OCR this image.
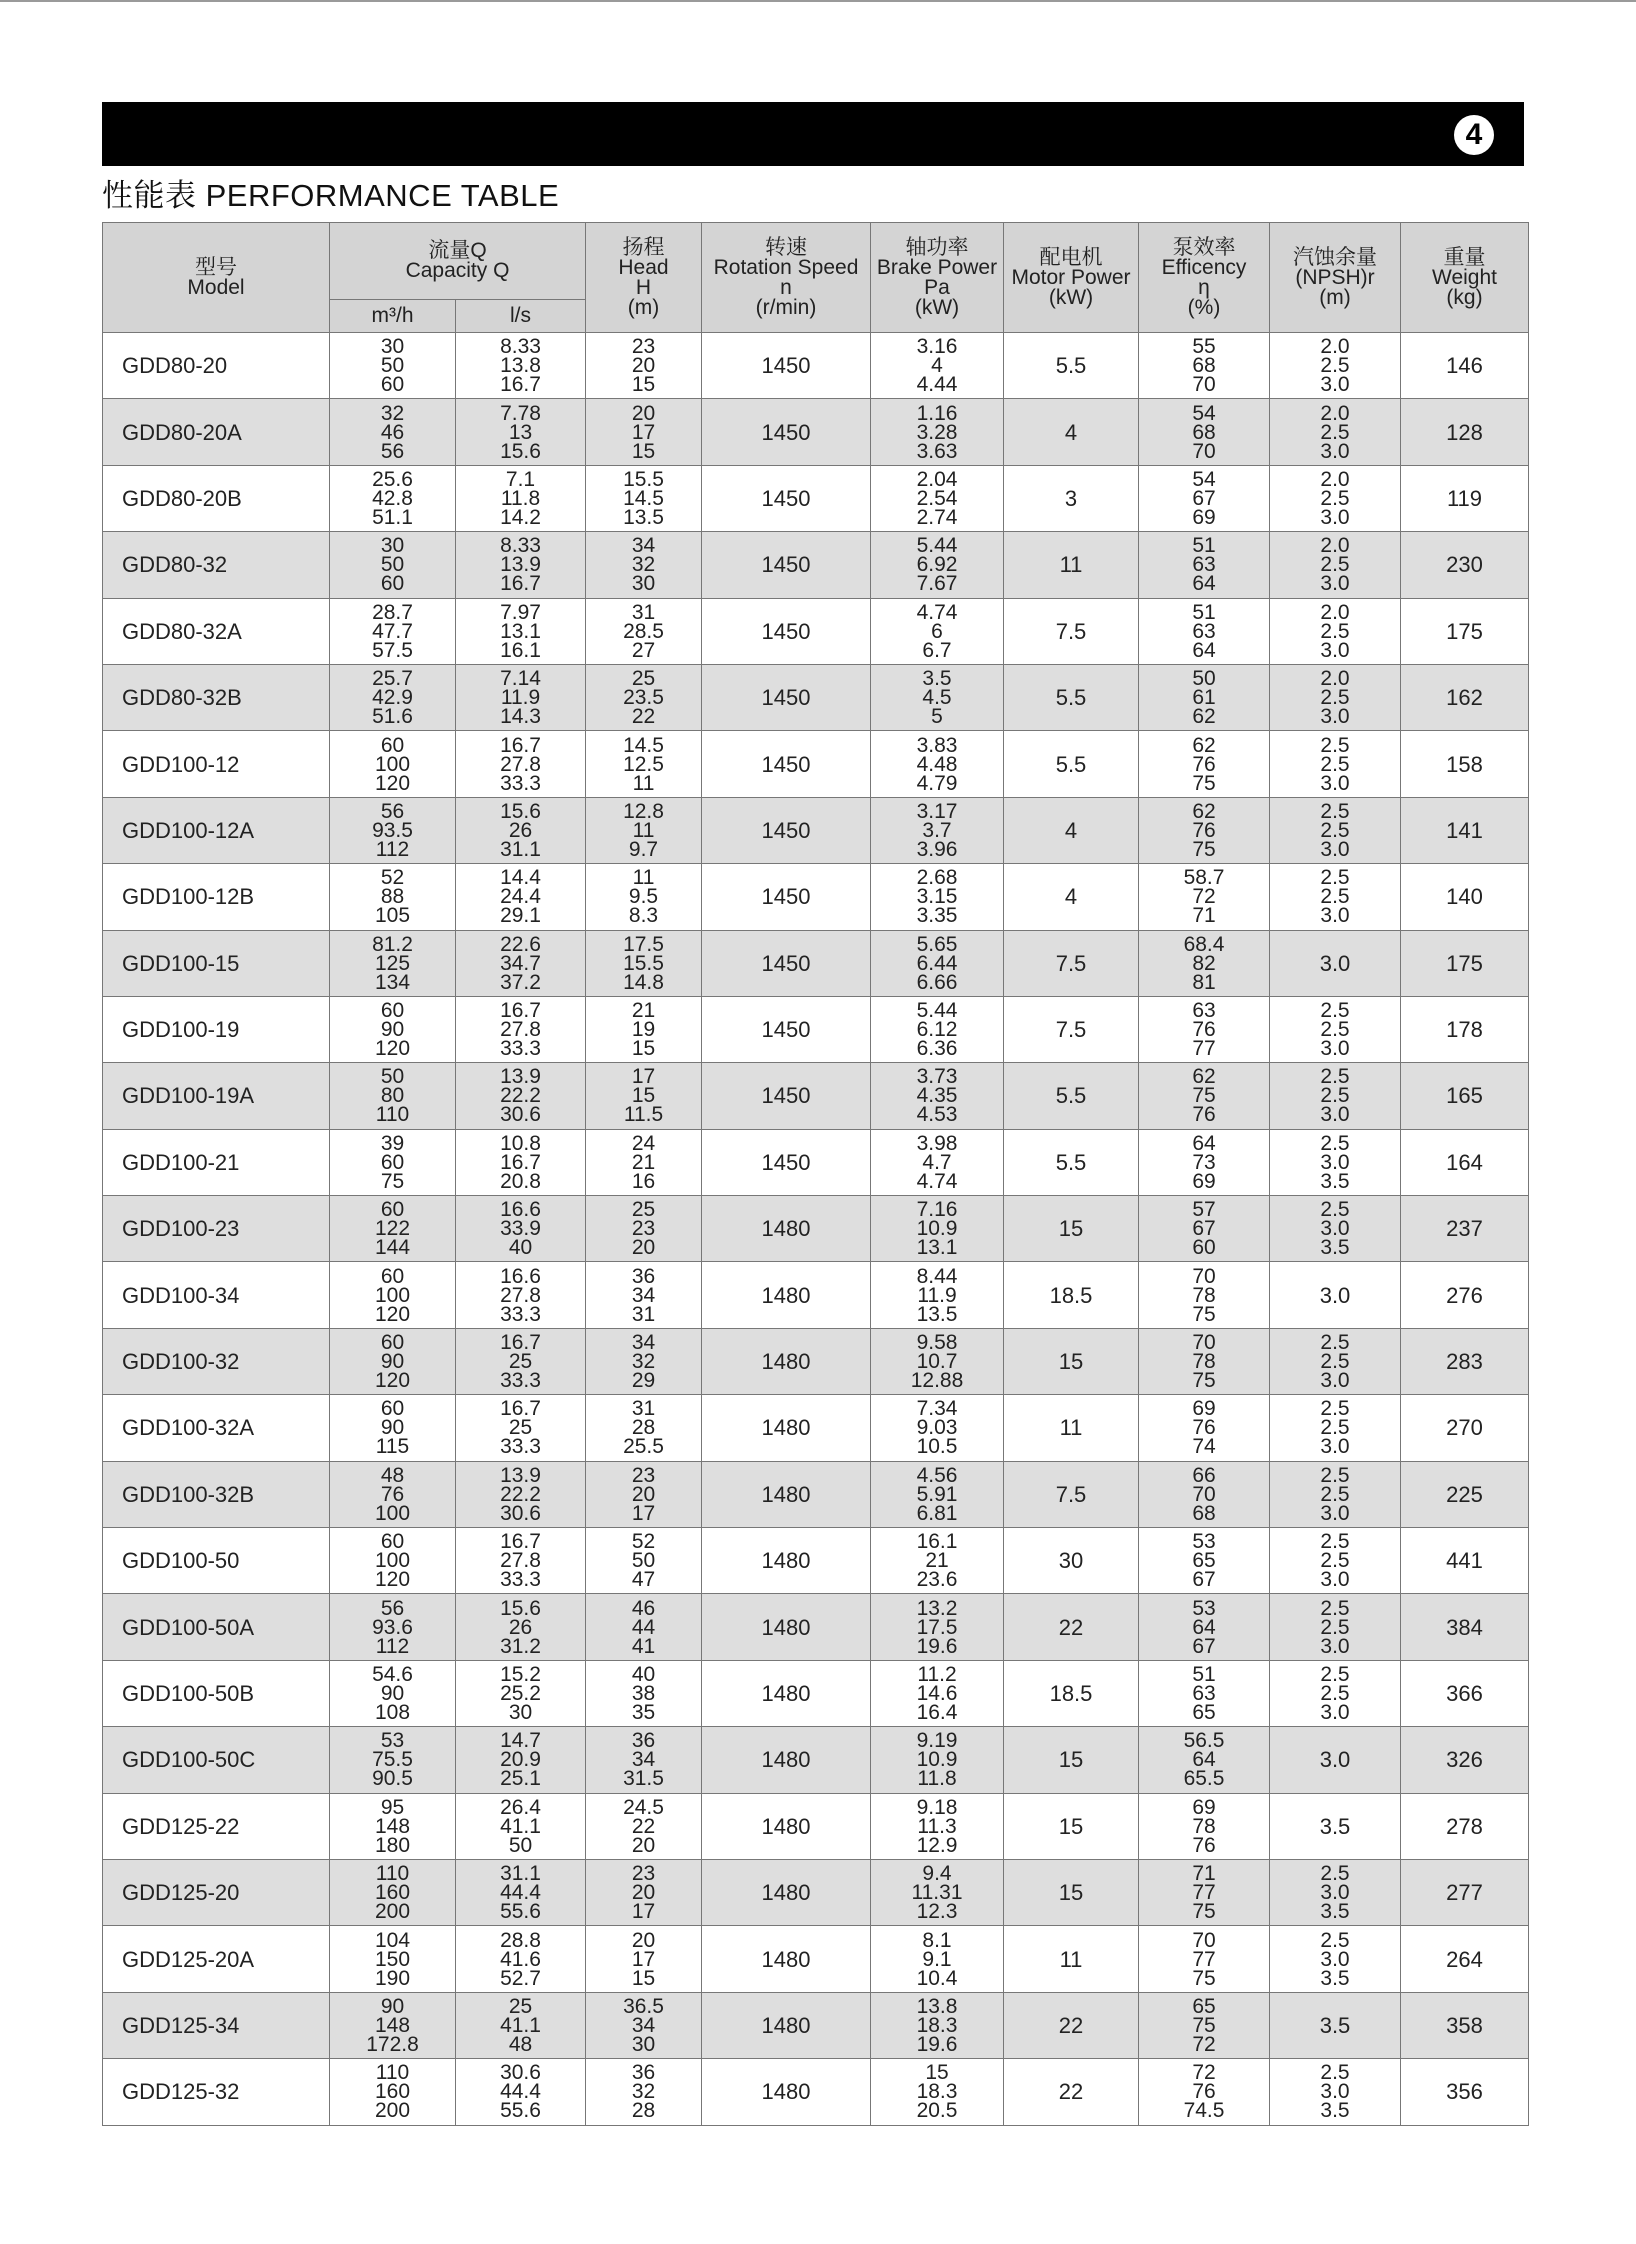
4
性能表 PERFORMANCE TABLE
型号
Model	流量Q
Capacity Q		扬程
Head
H
(m)	转速
Rotation Speed
n
(r/min)	轴功率
Brake Power
Pa
(kW)	配电机
Motor Power
(kW)	泵效率
Efficency
η
(%)	汽蚀余量
(NPSH)r
(m)	重量
Weight
(kg)

	m³/h	l/s							
GDD80-20	30
50
60	8.33
13.8
16.7	23
20
15	1450	3.16
4
4.44	5.5	55
68
70	2.0
2.5
3.0	146
GDD80-20A	32
46
56	7.78
13
15.6	20
17
15	1450	1.16
3.28
3.63	4	54
68
70	2.0
2.5
3.0	128
GDD80-20B	25.6
42.8
51.1	7.1
11.8
14.2	15.5
14.5
13.5	1450	2.04
2.54
2.74	3	54
67
69	2.0
2.5
3.0	119
GDD80-32	30
50
60	8.33
13.9
16.7	34
32
30	1450	5.44
6.92
7.67	11	51
63
64	2.0
2.5
3.0	230
GDD80-32A	28.7
47.7
57.5	7.97
13.1
16.1	31
28.5
27	1450	4.74
6
6.7	7.5	51
63
64	2.0
2.5
3.0	175
GDD80-32B	25.7
42.9
51.6	7.14
11.9
14.3	25
23.5
22	1450	3.5
4.5
5	5.5	50
61
62	2.0
2.5
3.0	162
GDD100-12	60
100
120	16.7
27.8
33.3	14.5
12.5
11	1450	3.83
4.48
4.79	5.5	62
76
75	2.5
2.5
3.0	158
GDD100-12A	56
93.5
112	15.6
26
31.1	12.8
11
9.7	1450	3.17
3.7
3.96	4	62
76
75	2.5
2.5
3.0	141
GDD100-12B	52
88
105	14.4
24.4
29.1	11
9.5
8.3	1450	2.68
3.15
3.35	4	58.7
72
71	2.5
2.5
3.0	140
GDD100-15	81.2
125
134	22.6
34.7
37.2	17.5
15.5
14.8	1450	5.65
6.44
6.66	7.5	68.4
82
81	3.0	175
GDD100-19	60
90
120	16.7
27.8
33.3	21
19
15	1450	5.44
6.12
6.36	7.5	63
76
77	2.5
2.5
3.0	178
GDD100-19A	50
80
110	13.9
22.2
30.6	17
15
11.5	1450	3.73
4.35
4.53	5.5	62
75
76	2.5
2.5
3.0	165
GDD100-21	39
60
75	10.8
16.7
20.8	24
21
16	1450	3.98
4.7
4.74	5.5	64
73
69	2.5
3.0
3.5	164
GDD100-23	60
122
144	16.6
33.9
40	25
23
20	1480	7.16
10.9
13.1	15	57
67
60	2.5
3.0
3.5	237
GDD100-34	60
100
120	16.6
27.8
33.3	36
34
31	1480	8.44
11.9
13.5	18.5	70
78
75	3.0	276
GDD100-32	60
90
120	16.7
25
33.3	34
32
29	1480	9.58
10.7
12.88	15	70
78
75	2.5
2.5
3.0	283
GDD100-32A	60
90
115	16.7
25
33.3	31
28
25.5	1480	7.34
9.03
10.5	11	69
76
74	2.5
2.5
3.0	270
GDD100-32B	48
76
100	13.9
22.2
30.6	23
20
17	1480	4.56
5.91
6.81	7.5	66
70
68	2.5
2.5
3.0	225
GDD100-50	60
100
120	16.7
27.8
33.3	52
50
47	1480	16.1
21
23.6	30	53
65
67	2.5
2.5
3.0	441
GDD100-50A	56
93.6
112	15.6
26
31.2	46
44
41	1480	13.2
17.5
19.6	22	53
64
67	2.5
2.5
3.0	384
GDD100-50B	54.6
90
108	15.2
25.2
30	40
38
35	1480	11.2
14.6
16.4	18.5	51
63
65	2.5
2.5
3.0	366
GDD100-50C	53
75.5
90.5	14.7
20.9
25.1	36
34
31.5	1480	9.19
10.9
11.8	15	56.5
64
65.5	3.0	326
GDD125-22	95
148
180	26.4
41.1
50	24.5
22
20	1480	9.18
11.3
12.9	15	69
78
76	3.5	278
GDD125-20	110
160
200	31.1
44.4
55.6	23
20
17	1480	9.4
11.31
12.3	15	71
77
75	2.5
3.0
3.5	277
GDD125-20A	104
150
190	28.8
41.6
52.7	20
17
15	1480	8.1
9.1
10.4	11	70
77
75	2.5
3.0
3.5	264
GDD125-34	90
148
172.8	25
41.1
48	36.5
34
30	1480	13.8
18.3
19.6	22	65
75
72	3.5	358
GDD125-32	110
160
200	30.6
44.4
55.6	36
32
28	1480	15
18.3
20.5	22	72
76
74.5	2.5
3.0
3.5	356
